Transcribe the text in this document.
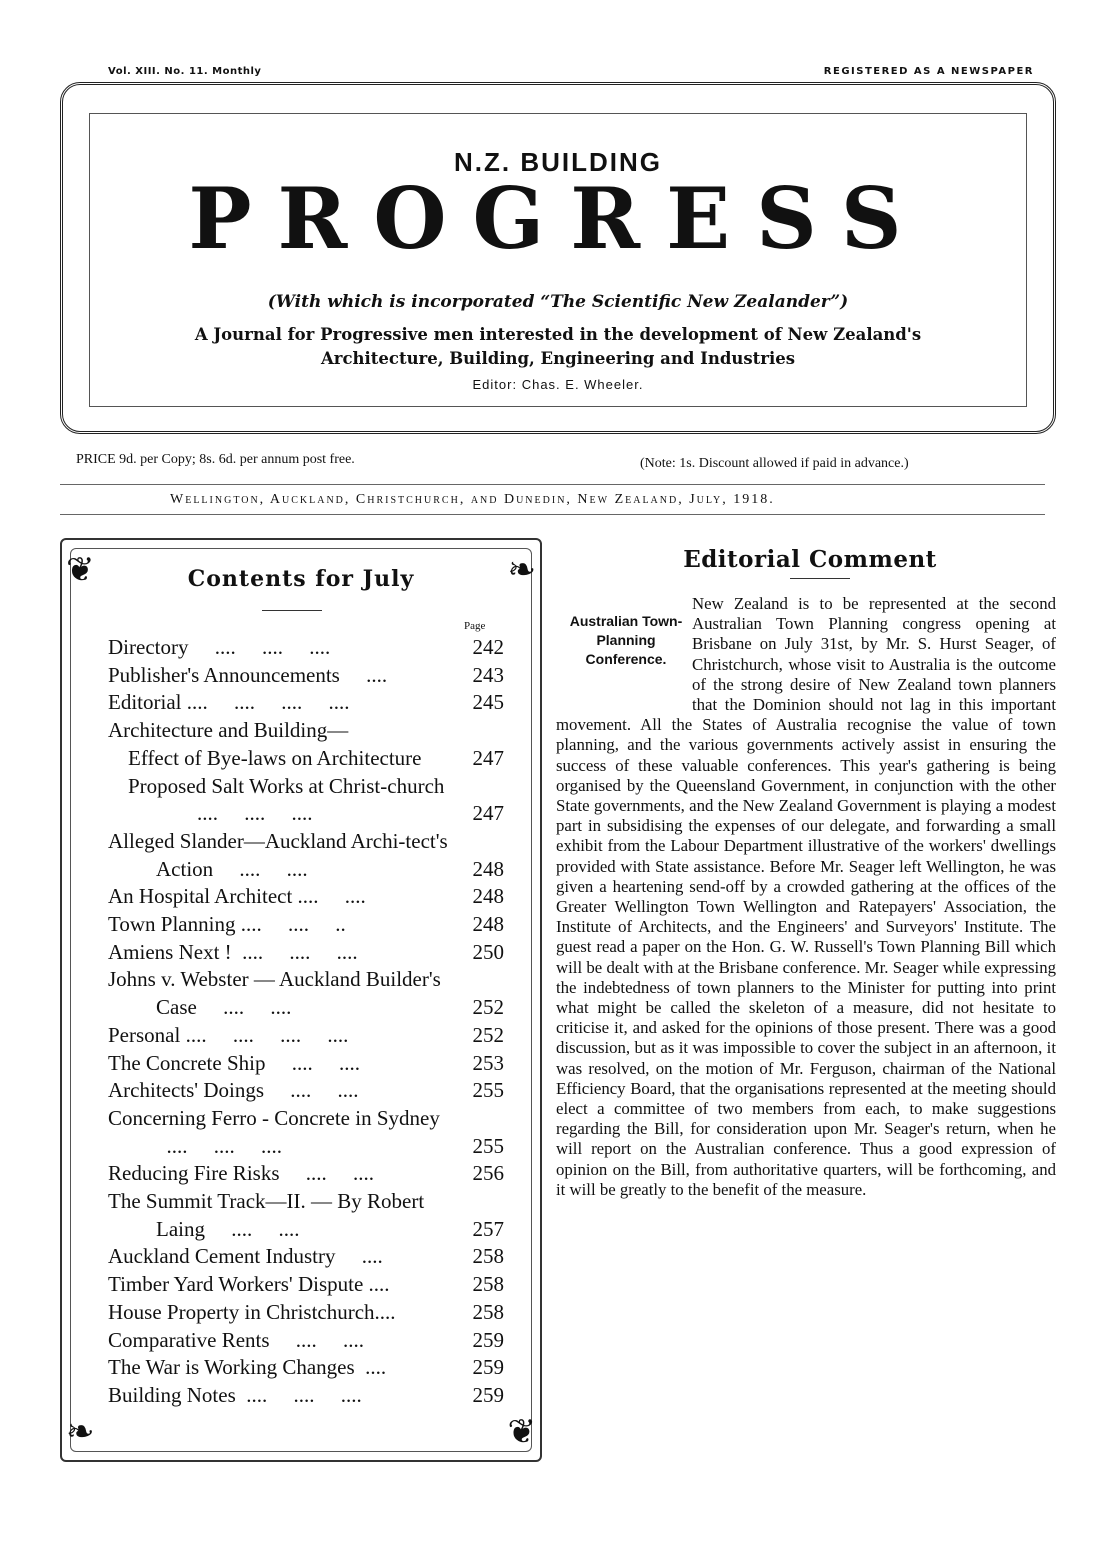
Vol. XIII. No. 11. Monthly	REGISTERED AS A NEWSPAPER
N.Z. BUILDING
PROGRESS
(With which is incorporated “The Scientific New Zealander”)
A Journal for Progressive men interested in the development of New Zealand's
Architecture, Building, Engineering and Industries
Editor: Chas. E. Wheeler.
PRICE 9d. per Copy; 8s. 6d. per annum post free.	(Note: 1s. Discount allowed if paid in advance.)
Wellington, Auckland, Christchurch, and Dunedin, New Zealand, July, 1918.
❦	❧
❧	❦
Contents for July
Page
Directory     ....     ....     ....	242
Publisher's Announcements     ....	243
Editorial ....     ....     ....     ....	245
Architecture and Building—
Effect of Bye-laws on Architecture	247
Proposed Salt Works at Christ-church     ....     ....     ....	247
Alleged Slander—Auckland Archi-tect's Action     ....     ....	248
An Hospital Architect ....     ....	248
Town Planning ....     ....     ..	248
Amiens Next !  ....     ....     ....	250
Johns v. Webster — Auckland Builder's Case     ....     ....	252
Personal ....     ....     ....     ....	252
The Concrete Ship     ....     ....	253
Architects' Doings     ....     ....	255
Concerning Ferro - Concrete in Sydney     ....     ....     ....	255
Reducing Fire Risks     ....     ....	256
The Summit Track—II. — By Robert Laing     ....     ....	257
Auckland Cement Industry     ....	258
Timber Yard Workers' Dispute ....	258
House Property in Christchurch....	258
Comparative Rents     ....     ....	259
The War is Working Changes  ....	259
Building Notes  ....     ....     ....	259
Editorial Comment
Australian Town-Planning Conference.
New Zealand is to be represented at the second Australian Town Planning congress opening at Brisbane on July 31st, by Mr. S. Hurst Seager, of Christchurch, whose visit to Australia is the outcome of the strong desire of New Zealand town planners that the Dominion should not lag in this important movement. All the States of Australia recognise the value of town planning, and the various governments actively assist in ensuring the success of these valuable conferences. This year's gathering is being organised by the Queensland Government, in conjunction with the other State governments, and the New Zealand Government is playing a modest part in subsidising the expenses of our delegate, and forwarding a small exhibit from the Labour Department illustrative of the workers' dwellings provided with State assistance. Before Mr. Seager left Wellington, he was given a heartening send-off by a crowded gathering at the offices of the Greater Wellington Town Wellington and Ratepayers' Association, the Institute of Architects, and the Engineers' and Surveyors' Institute. The guest read a paper on the Hon. G. W. Russell's Town Planning Bill which will be dealt with at the Brisbane conference. Mr. Seager while expressing the indebtedness of town planners to the Minister for putting into print what might be called the skeleton of a measure, did not hesitate to criticise it, and asked for the opinions of those present. There was a good discussion, but as it was impossible to cover the subject in an afternoon, it was resolved, on the motion of Mr. Ferguson, chairman of the National Efficiency Board, that the organisations represented at the meeting should elect a committee of two members from each, to make suggestions regarding the Bill, for consideration upon Mr. Seager's return, when he will report on the Australian conference. Thus a good expression of opinion on the Bill, from authoritative quarters, will be forthcoming, and it will be greatly to the benefit of the measure.
